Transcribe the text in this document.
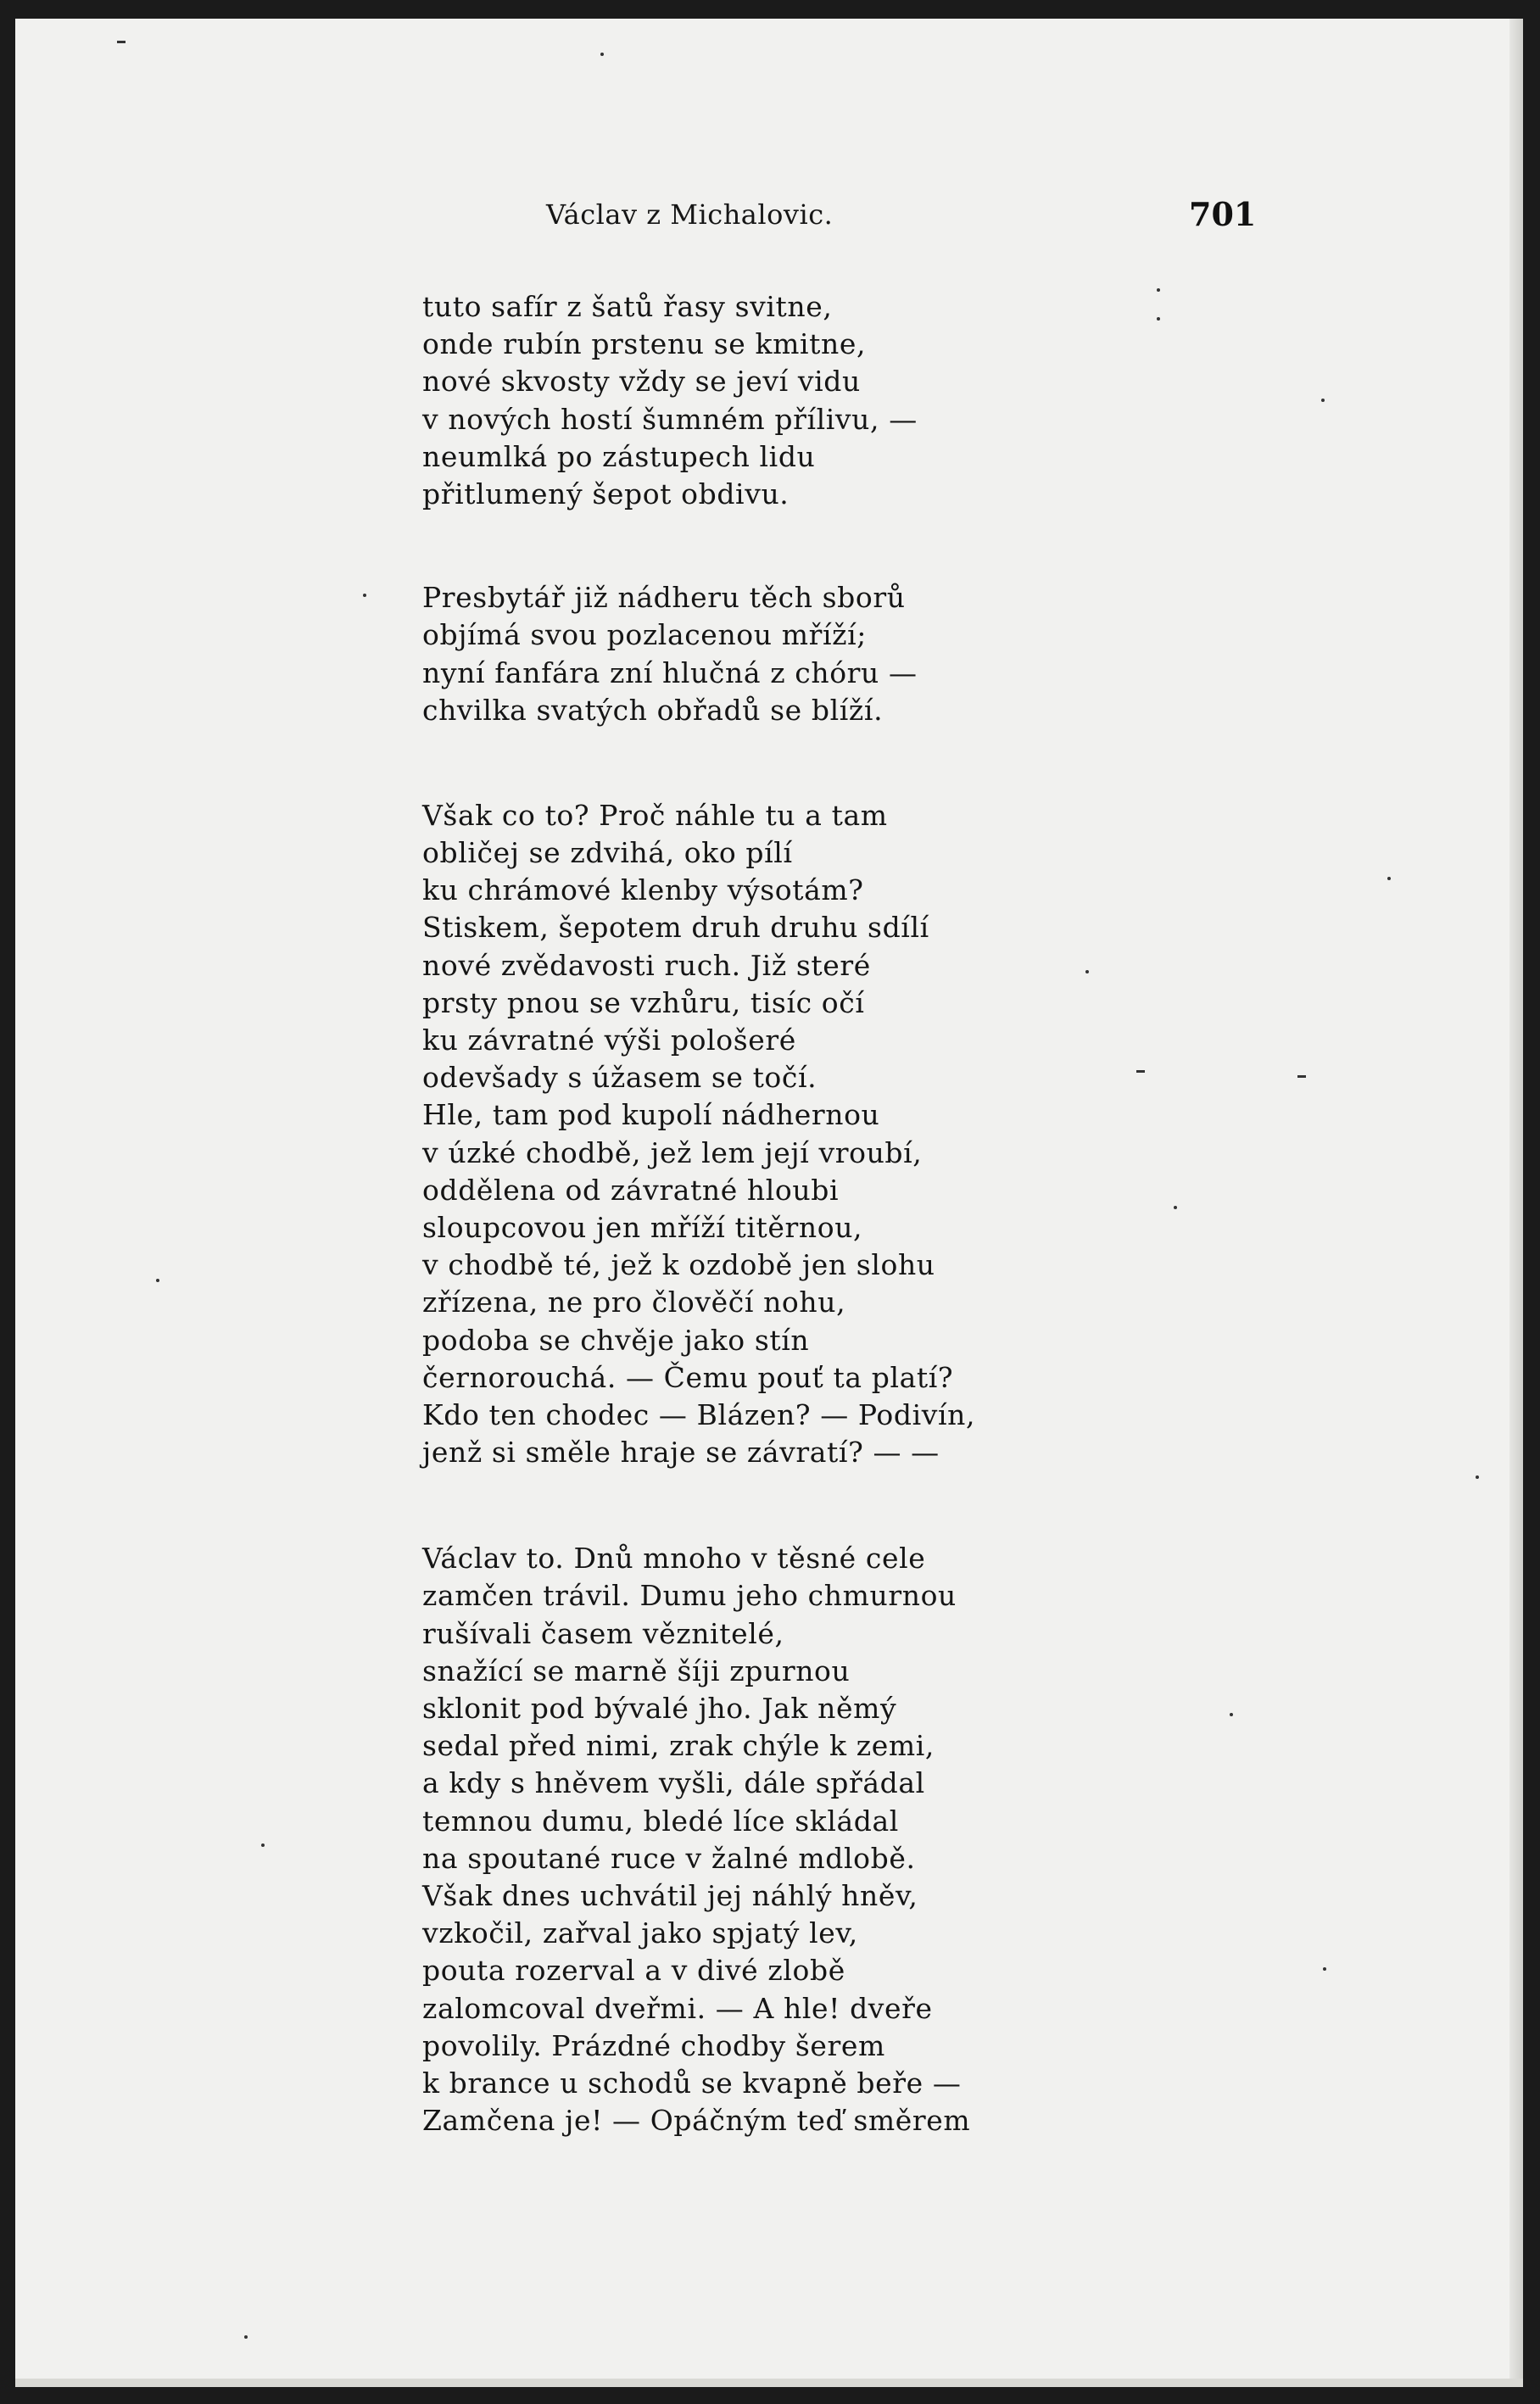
Václav z Michalovic.	701
tuto safír z šatů řasy svitne,
onde rubín prstenu se kmitne,
nové skvosty vždy se jeví vidu
v nových hostí šumném přílivu, —
neumlká po zástupech lidu
přitlumený šepot obdivu.
Presbytář již nádheru těch sborů
objímá svou pozlacenou mříží;
nyní fanfára zní hlučná z chóru —
chvilka svatých obřadů se blíží.
Však co to? Proč náhle tu a tam
obličej se zdvihá, oko pílí
ku chrámové klenby výsotám?
Stiskem, šepotem druh druhu sdílí
nové zvědavosti ruch. Již steré
prsty pnou se vzhůru, tisíc očí
ku závratné výši pološeré
odevšady s úžasem se točí.
Hle, tam pod kupolí nádhernou
v úzké chodbě, jež lem její vroubí,
oddělena od závratné hloubi
sloupcovou jen mříží titěrnou,
v chodbě té, jež k ozdobě jen slohu
zřízena, ne pro člověčí nohu,
podoba se chvěje jako stín
černorouchá. — Čemu pouť ta platí?
Kdo ten chodec — Blázen? — Podivín,
jenž si směle hraje se závratí? — —
Václav to. Dnů mnoho v těsné cele
zamčen trávil. Dumu jeho chmurnou
rušívali časem věznitelé,
snažící se marně šíji zpurnou
sklonit pod bývalé jho. Jak němý
sedal před nimi, zrak chýle k zemi,
a kdy s hněvem vyšli, dále spřádal
temnou dumu, bledé líce skládal
na spoutané ruce v žalné mdlobě.
Však dnes uchvátil jej náhlý hněv,
vzkočil, zařval jako spjatý lev,
pouta rozerval a v divé zlobě
zalomcoval dveřmi. — A hle! dveře
povolily. Prázdné chodby šerem
k brance u schodů se kvapně beře —
Zamčena je! — Opáčným teď směrem
